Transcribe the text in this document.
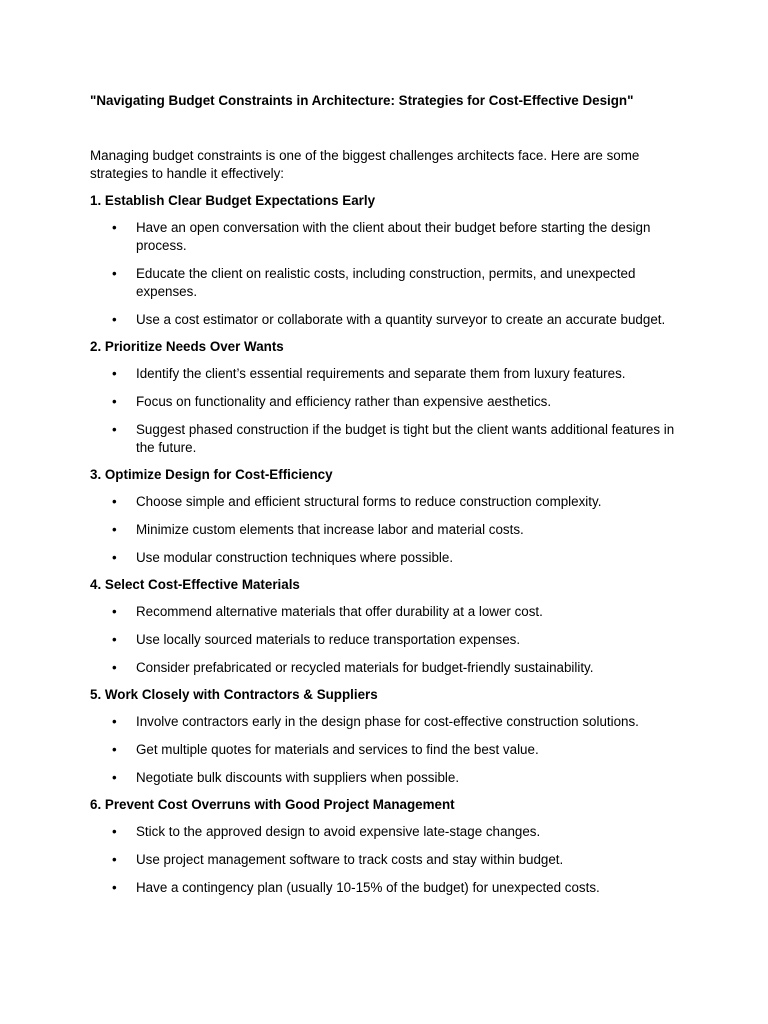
"Navigating Budget Constraints in Architecture: Strategies for Cost-Effective Design"

Managing budget constraints is one of the biggest challenges architects face. Here are some strategies to handle it effectively:

1. Establish Clear Budget Expectations Early

• Have an open conversation with the client about their budget before starting the design process.
• Educate the client on realistic costs, including construction, permits, and unexpected expenses.
• Use a cost estimator or collaborate with a quantity surveyor to create an accurate budget.

2. Prioritize Needs Over Wants

• Identify the client’s essential requirements and separate them from luxury features.
• Focus on functionality and efficiency rather than expensive aesthetics.
• Suggest phased construction if the budget is tight but the client wants additional features in the future.

3. Optimize Design for Cost-Efficiency

• Choose simple and efficient structural forms to reduce construction complexity.
• Minimize custom elements that increase labor and material costs.
• Use modular construction techniques where possible.

4. Select Cost-Effective Materials

• Recommend alternative materials that offer durability at a lower cost.
• Use locally sourced materials to reduce transportation expenses.
• Consider prefabricated or recycled materials for budget-friendly sustainability.

5. Work Closely with Contractors & Suppliers

• Involve contractors early in the design phase for cost-effective construction solutions.
• Get multiple quotes for materials and services to find the best value.
• Negotiate bulk discounts with suppliers when possible.

6. Prevent Cost Overruns with Good Project Management

• Stick to the approved design to avoid expensive late-stage changes.
• Use project management software to track costs and stay within budget.
• Have a contingency plan (usually 10-15% of the budget) for unexpected costs.
